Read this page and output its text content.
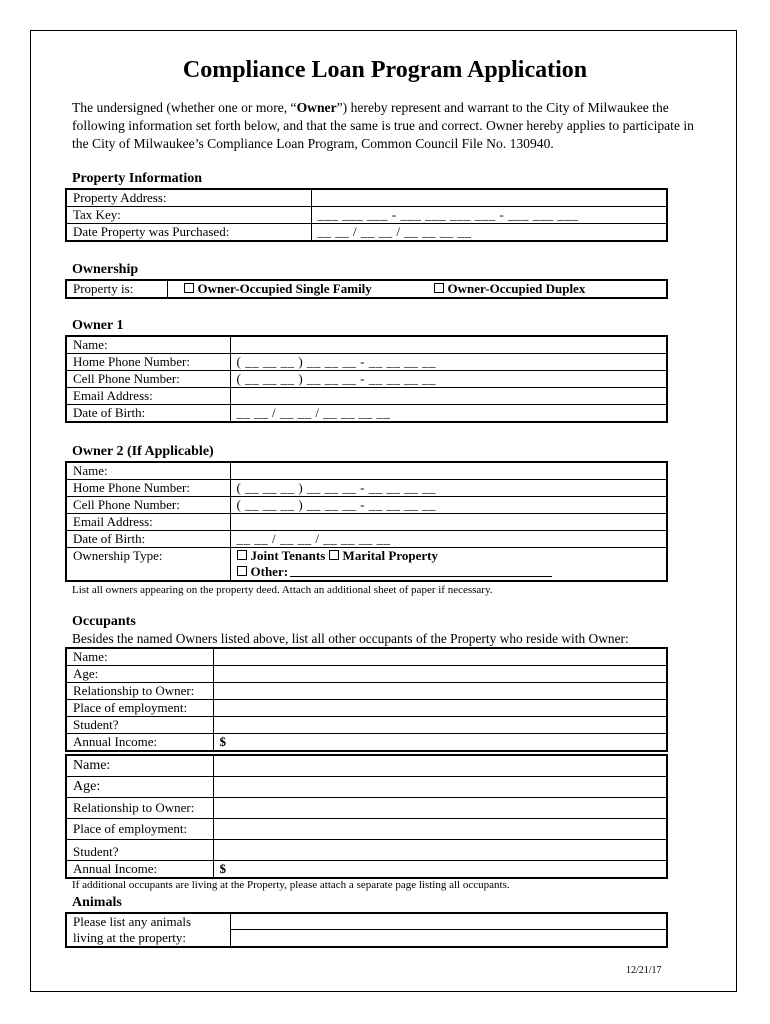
Compliance Loan Program Application

The undersigned (whether one or more, “Owner”) hereby represent and warrant to the City of Milwaukee the following information set forth below, and that the same is true and correct. Owner hereby applies to participate in the City of Milwaukee’s Compliance Loan Program, Common Council File No. 130940.

Property Information

Property Address:	
Tax Key:	___ ___ ___ - ___ ___ ___ ___ - ___ ___ ___
Date Property was Purchased:	__ __ / __ __ / __ __ __ __

Ownership

Property is:	Owner-Occupied Single Family	Owner-Occupied Duplex

Owner 1

Name:	
Home Phone Number:	( __ __ __ ) __ __ __ - __ __ __ __
Cell Phone Number:	( __ __ __ ) __ __ __ - __ __ __ __
Email Address:	
Date of Birth:	__ __ / __ __ / __ __ __ __

Owner 2 (If Applicable)

Name:	
Home Phone Number:	( __ __ __ ) __ __ __ - __ __ __ __
Cell Phone Number:	( __ __ __ ) __ __ __ - __ __ __ __
Email Address:	
Date of Birth:	__ __ / __ __ / __ __ __ __
Ownership Type:	Joint Tenants Marital Property
Other:

List all owners appearing on the property deed. Attach an additional sheet of paper if necessary.

Occupants

Besides the named Owners listed above, list all other occupants of the Property who reside with Owner:

Name:	
Age:	
Relationship to Owner:	
Place of employment:	
Student?	
Annual Income:	$
Name:	
Age:	
Relationship to Owner:	
Place of employment:	
Student?	
Annual Income:	$

If additional occupants are living at the Property, please attach a separate page listing all occupants.

Animals

Please list any animals
living at the property:	
12/21/17
